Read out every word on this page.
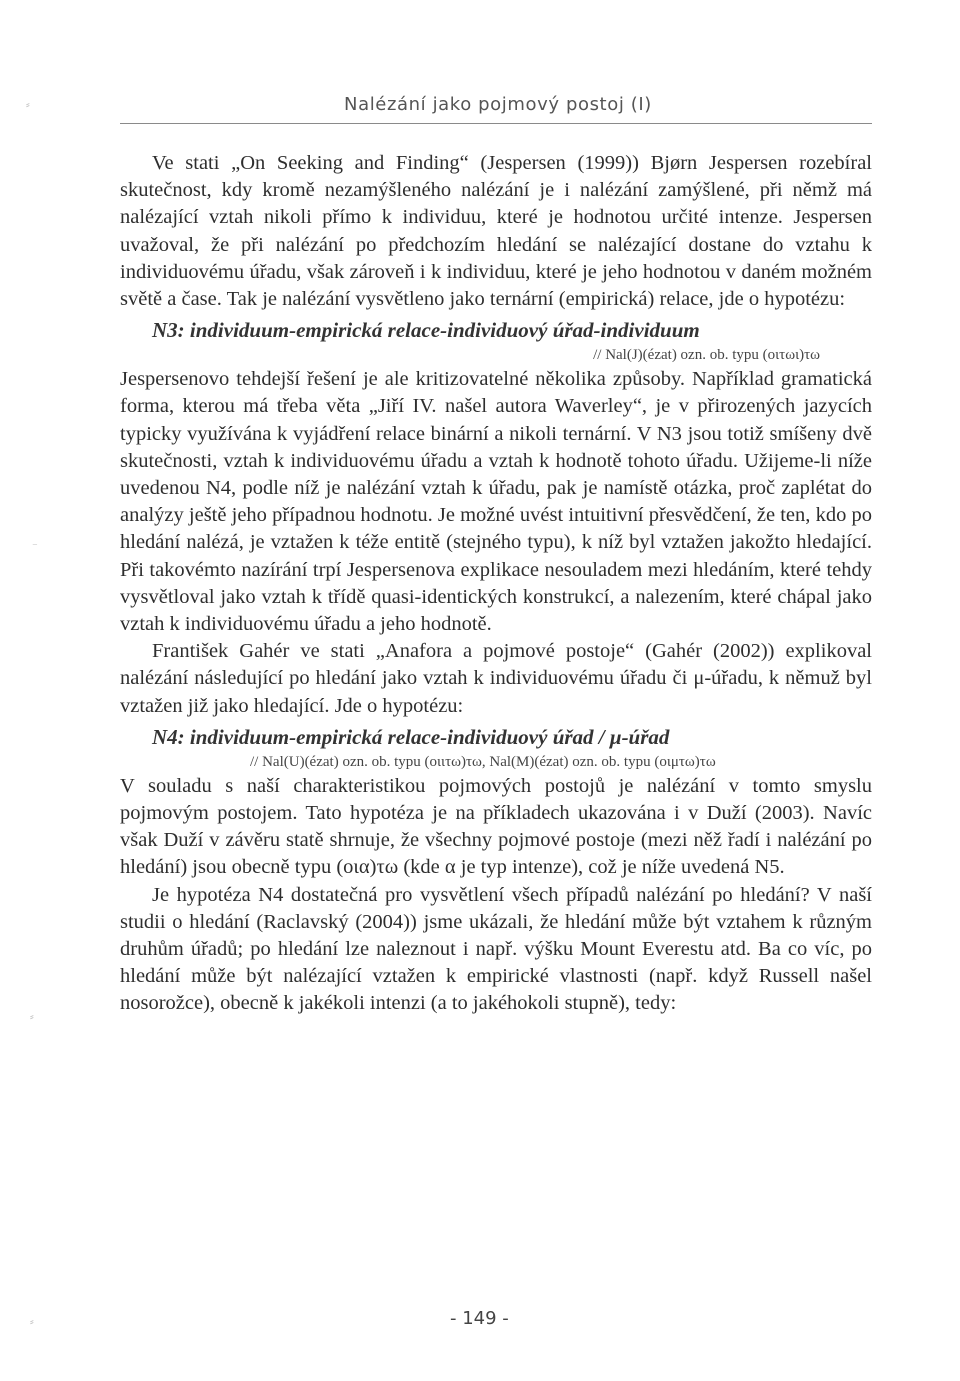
⸗
⁻
⸗
⸗
Nalézání jako pojmový postoj (I)

Ve stati „On Seeking and Finding“ (Jespersen (1999)) Bjørn Jespersen rozebíral skutečnost, kdy kromě nezamýšleného nalézání je i nalézání zamýšlené, při němž má nalézající vztah nikoli přímo k individuu, které je hodnotou určité intenze. Jespersen uvažoval, že při nalézání po předchozím hledání se nalézající dostane do vztahu k individuovému úřadu, však zároveň i k individuu, které je jeho hodnotou v daném možném světě a čase. Tak je nalézání vysvětleno jako ternární (empirická) relace, jde o hypotézu:

N3: individuum-empirická relace-individuový úřad-individuum

// Nal(J)(ézat) ozn. ob. typu (οιτωι)τω

Jespersenovo tehdejší řešení je ale kritizovatelné několika způsoby. Například gramatická forma, kterou má třeba věta „Jiří IV. našel autora Waverley“, je v přirozených jazycích typicky využívána k vyjádření relace binární a nikoli ternární. V N3 jsou totiž smíšeny dvě skutečnosti, vztah k individuovému úřadu a vztah k hodnotě tohoto úřadu. Užijeme-li níže uvedenou N4, podle níž je nalézání vztah k úřadu, pak je namístě otázka, proč zaplétat do analýzy ještě jeho případnou hodnotu. Je možné uvést intuitivní přesvědčení, že ten, kdo po hledání nalézá, je vztažen k téže entitě (stejného typu), k níž byl vztažen jakožto hledající. Při takovémto nazírání trpí Jespersenova explikace nesouladem mezi hledáním, které tehdy vysvětloval jako vztah k třídě quasi-identických konstrukcí, a nalezením, které chápal jako vztah k individuovému úřadu a jeho hodnotě.

František Gahér ve stati „Anafora a pojmové postoje“ (Gahér (2002)) explikoval nalézání následující po hledání jako vztah k individuovému úřadu či μ-úřadu, k němuž byl vztažen již jako hledající. Jde o hypotézu:

N4: individuum-empirická relace-individuový úřad / μ-úřad

// Nal(U)(ézat) ozn. ob. typu (οιιτω)τω, Nal(M)(ézat) ozn. ob. typu (οιμτω)τω

V souladu s naší charakteristikou pojmových postojů je nalézání v tomto smyslu pojmovým postojem. Tato hypotéza je na příkladech ukazována i v Duží (2003). Navíc však Duží v závěru statě shrnuje, že všechny pojmové postoje (mezi něž řadí i nalézání po hledání) jsou obecně typu (οια)τω (kde α je typ intenze), což je níže uvedená N5.

Je hypotéza N4 dostatečná pro vysvětlení všech případů nalézání po hledání? V naší studii o hledání (Raclavský (2004)) jsme ukázali, že hledání může být vztahem k různým druhům úřadů; po hledání lze naleznout i např. výšku Mount Everestu atd. Ba co víc, po hledání může být nalézající vztažen k empirické vlastnosti (např. když Russell našel nosorožce), obecně k jakékoli intenzi (a to jakéhokoli stupně), tedy:

- 149 -
